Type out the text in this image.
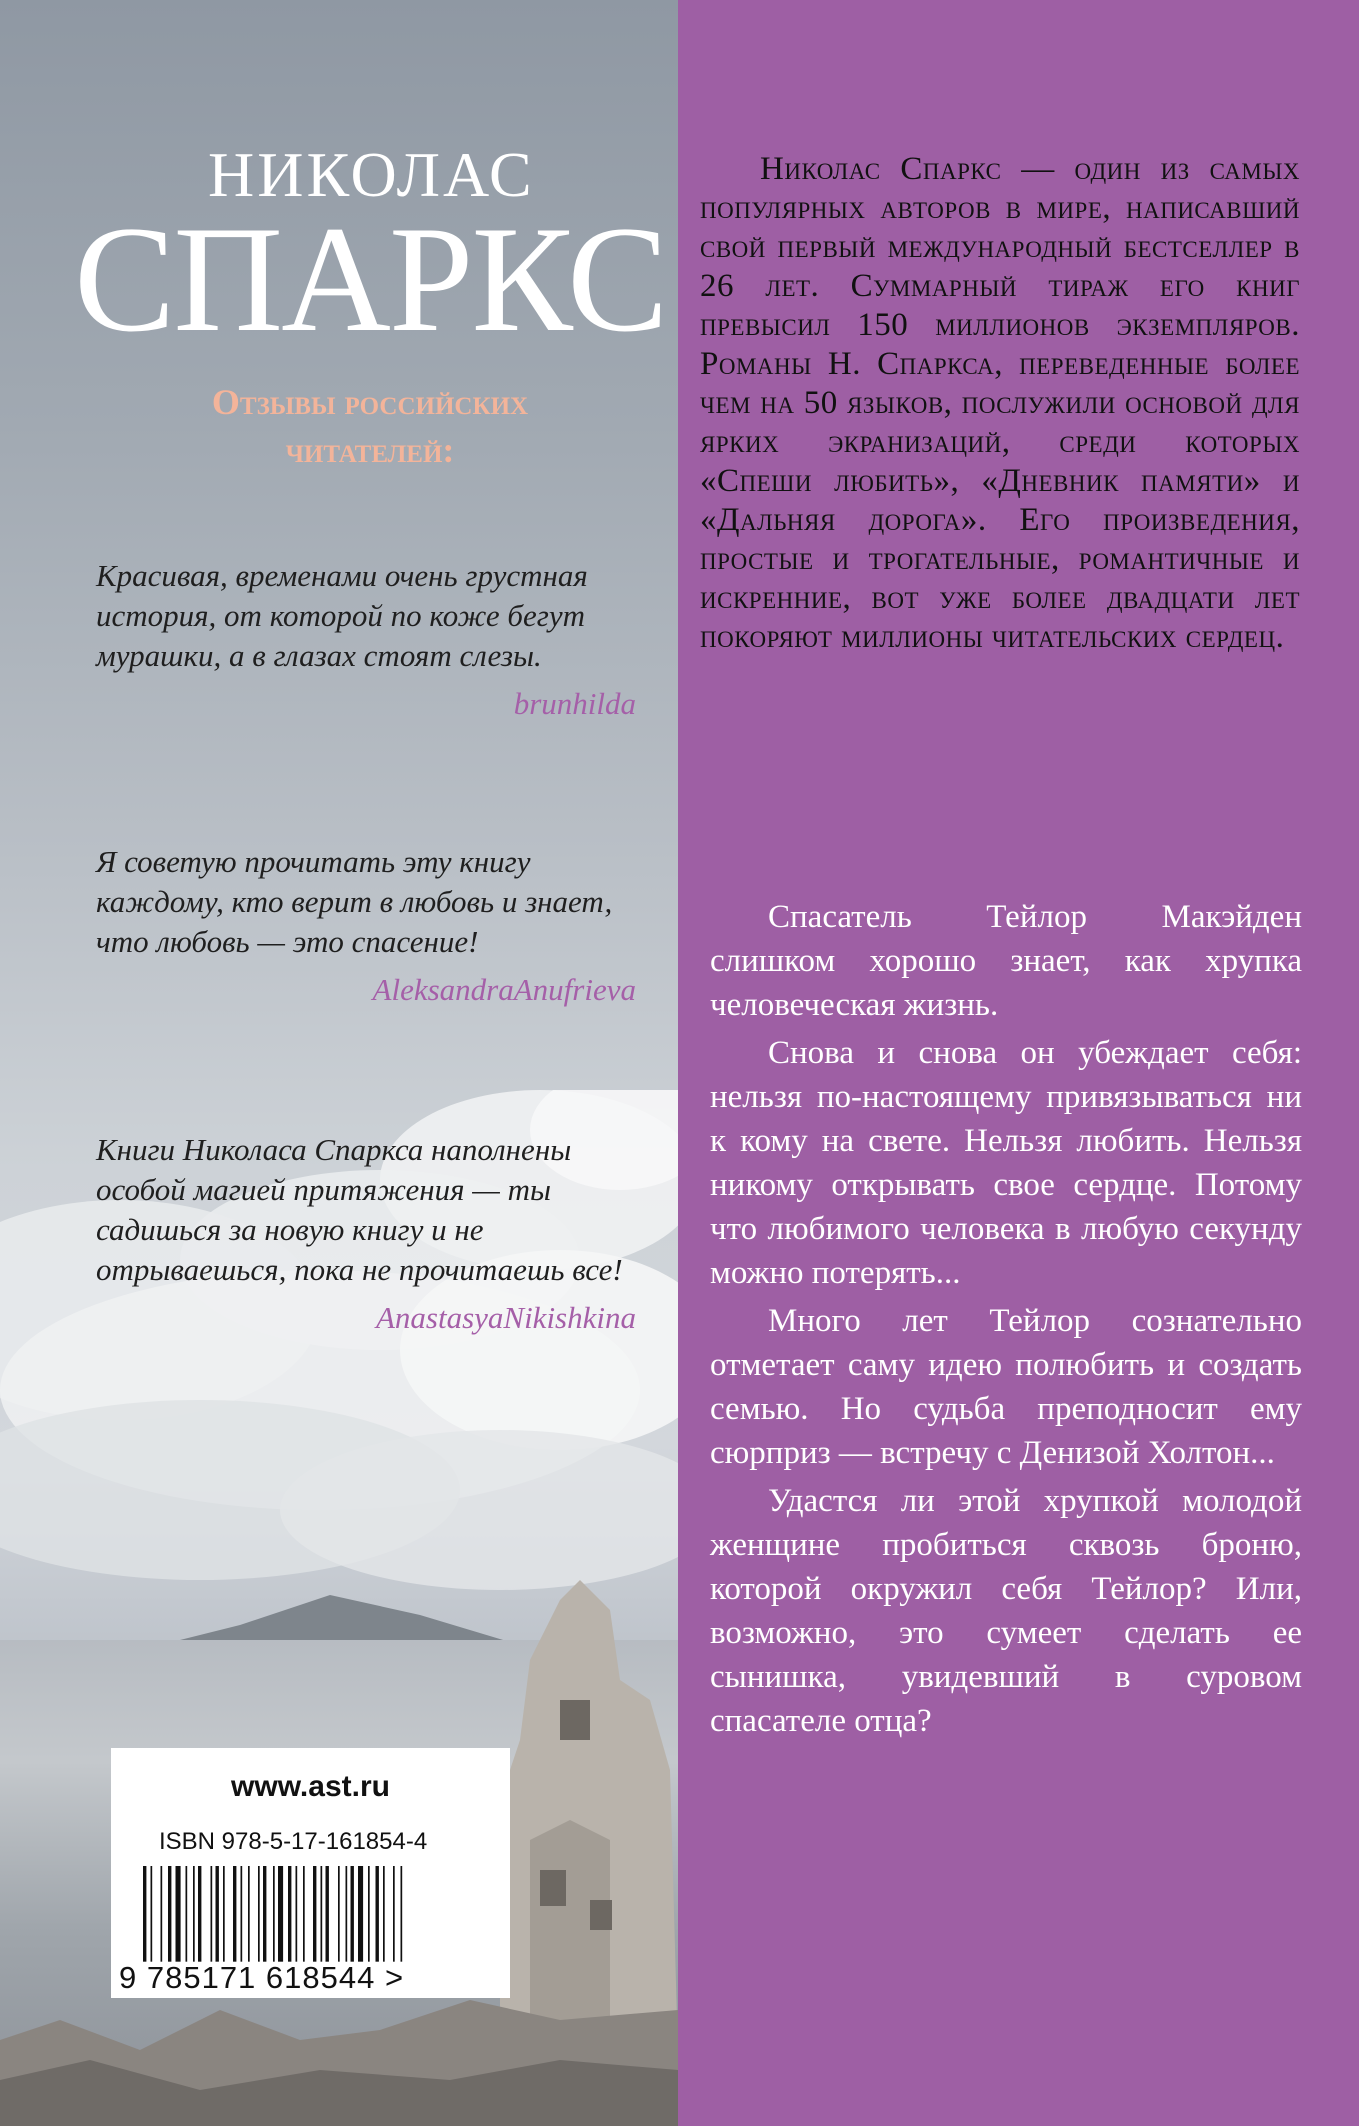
НИКОЛАС
СПАРКС
Отзывы российских читателей:
Красивая, временами очень грустная история, от которой по коже бегут мурашки, а в глазах стоят слезы.
brunhilda
Я советую прочитать эту книгу каждому, кто верит в любовь и знает, что любовь — это спасение!
AleksandraAnufrieva
Книги Николаса Спаркса наполнены особой магией притяжения — ты садишься за новую книгу и не отрываешься, пока не прочитаешь все!
AnastasyaNikishkina
www.ast.ru
ISBN 978-5-17-161854-4
9 785171 618544 >

Николас Спаркс — один из самых популярных авторов в мире, написавший свой первый международный бестселлер в 26 лет. Суммарный тираж его книг превысил 150 миллионов экземпляров. Романы Н. Спаркса, переведенные более чем на 50 языков, послужили основой для ярких экранизаций, среди которых «Спеши любить», «Дневник памяти» и «Дальняя дорога». Его произведения, простые и трогательные, романтичные и искренние, вот уже более двадцати лет покоряют миллионы читательских сердец.

Спасатель Тейлор Макэйден слишком хорошо знает, как хрупка человеческая жизнь.

Снова и снова он убеждает себя: нельзя по-настоящему привязываться ни к кому на свете. Нельзя любить. Нельзя никому открывать свое сердце. Потому что любимого человека в любую секунду можно потерять...

Много лет Тейлор сознательно отметает саму идею полюбить и создать семью. Но судьба преподносит ему сюрприз — встречу с Денизой Холтон...

Удастся ли этой хрупкой молодой женщине пробиться сквозь броню, которой окружил себя Тейлор? Или, возможно, это сумеет сделать ее сынишка, увидевший в суровом спасателе отца?
